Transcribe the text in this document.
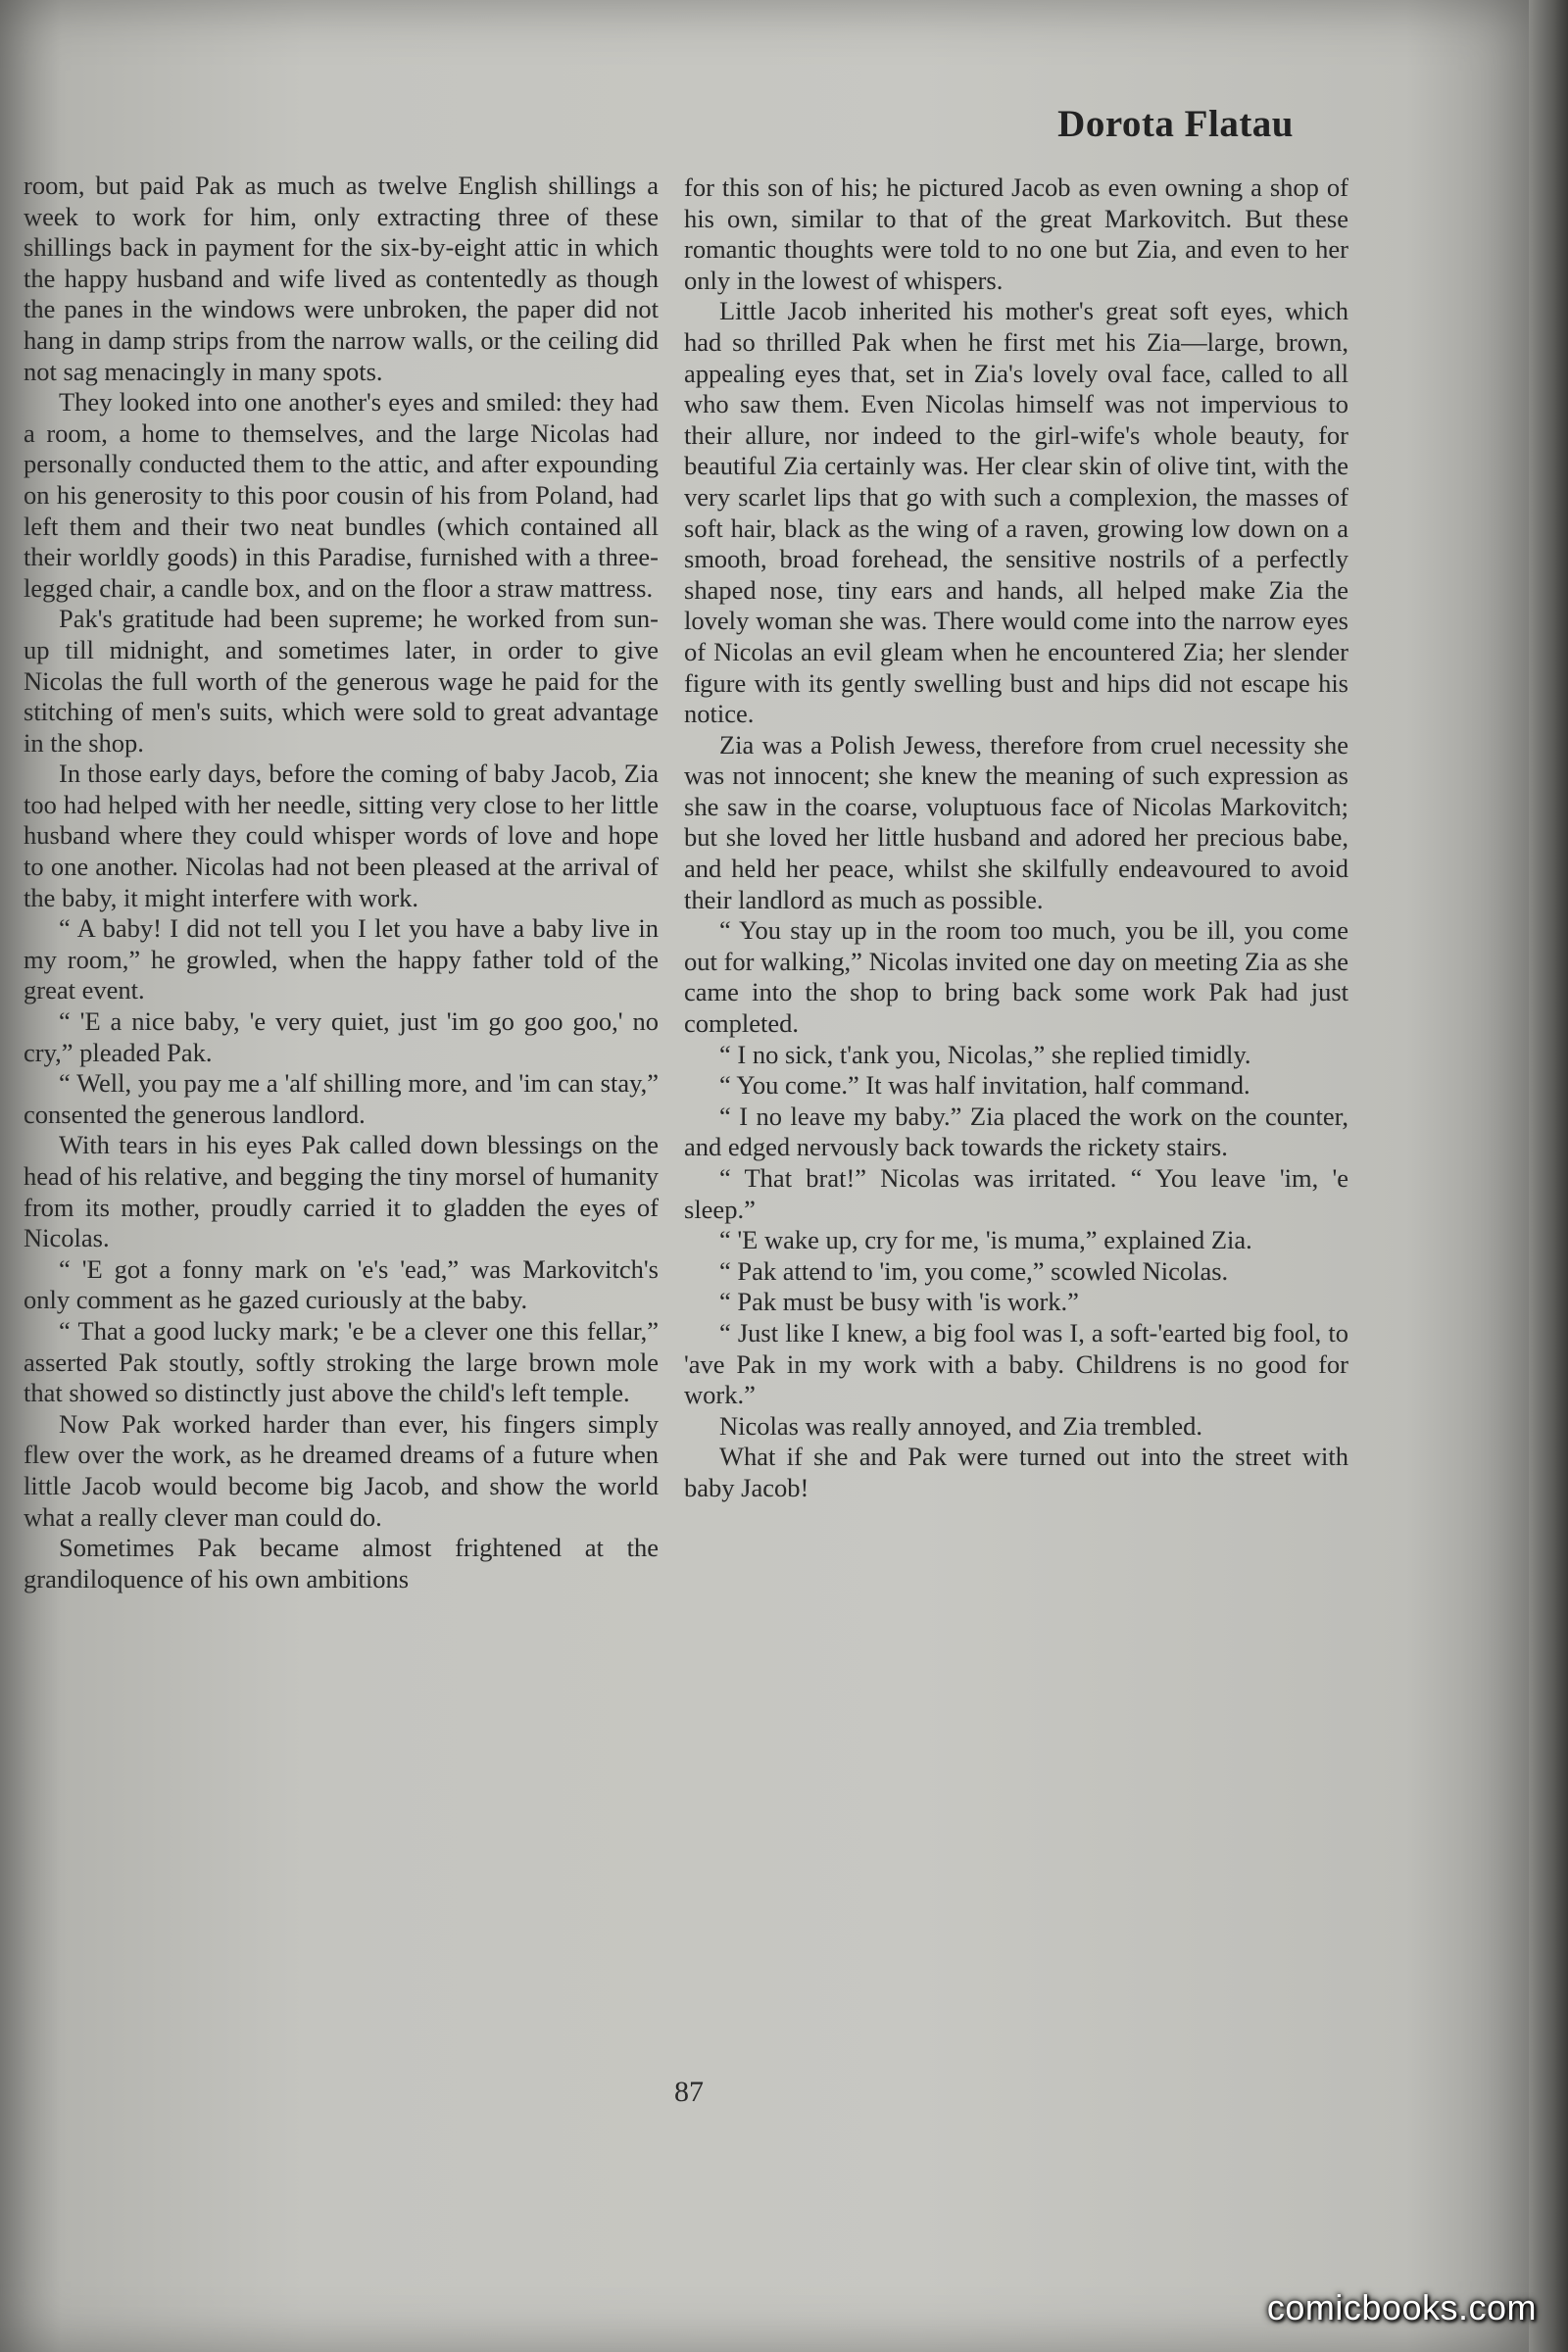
Dorota Flatau

room, but paid Pak as much as twelve English shillings a week to work for him, only extracting three of these shillings back in payment for the six-by-eight attic in which the happy husband and wife lived as contentedly as though the panes in the windows were unbroken, the paper did not hang in damp strips from the narrow walls, or the ceiling did not sag menacingly in many spots.

They looked into one another's eyes and smiled: they had a room, a home to themselves, and the large Nicolas had personally conducted them to the attic, and after expounding on his generosity to this poor cousin of his from Poland, had left them and their two neat bundles (which contained all their worldly goods) in this Paradise, furnished with a three-legged chair, a candle box, and on the floor a straw mattress.

Pak's gratitude had been supreme; he worked from sun-up till midnight, and sometimes later, in order to give Nicolas the full worth of the generous wage he paid for the stitching of men's suits, which were sold to great advantage in the shop.

In those early days, before the coming of baby Jacob, Zia too had helped with her needle, sitting very close to her little husband where they could whisper words of love and hope to one another. Nicolas had not been pleased at the arrival of the baby, it might interfere with work.

“ A baby! I did not tell you I let you have a baby live in my room,” he growled, when the happy father told of the great event.

“ 'E a nice baby, 'e very quiet, just 'im go goo goo,' no cry,” pleaded Pak.

“ Well, you pay me a 'alf shilling more, and 'im can stay,” consented the generous landlord.

With tears in his eyes Pak called down blessings on the head of his relative, and begging the tiny morsel of humanity from its mother, proudly carried it to gladden the eyes of Nicolas.

“ 'E got a fonny mark on 'e's 'ead,” was Markovitch's only comment as he gazed curiously at the baby.

“ That a good lucky mark; 'e be a clever one this fellar,” asserted Pak stoutly, softly stroking the large brown mole that showed so distinctly just above the child's left temple.

Now Pak worked harder than ever, his fingers simply flew over the work, as he dreamed dreams of a future when little Jacob would become big Jacob, and show the world what a really clever man could do.

Sometimes Pak became almost frightened at the grandiloquence of his own ambitions

for this son of his; he pictured Jacob as even owning a shop of his own, similar to that of the great Markovitch. But these romantic thoughts were told to no one but Zia, and even to her only in the lowest of whispers.

Little Jacob inherited his mother's great soft eyes, which had so thrilled Pak when he first met his Zia—large, brown, appealing eyes that, set in Zia's lovely oval face, called to all who saw them. Even Nicolas himself was not impervious to their allure, nor indeed to the girl-wife's whole beauty, for beautiful Zia certainly was. Her clear skin of olive tint, with the very scarlet lips that go with such a complexion, the masses of soft hair, black as the wing of a raven, growing low down on a smooth, broad forehead, the sensitive nostrils of a perfectly shaped nose, tiny ears and hands, all helped make Zia the lovely woman she was. There would come into the narrow eyes of Nicolas an evil gleam when he encountered Zia; her slender figure with its gently swelling bust and hips did not escape his notice.

Zia was a Polish Jewess, therefore from cruel necessity she was not innocent; she knew the meaning of such expression as she saw in the coarse, voluptuous face of Nicolas Markovitch; but she loved her little husband and adored her precious babe, and held her peace, whilst she skilfully endeavoured to avoid their landlord as much as possible.

“ You stay up in the room too much, you be ill, you come out for walking,” Nicolas invited one day on meeting Zia as she came into the shop to bring back some work Pak had just completed.

“ I no sick, t'ank you, Nicolas,” she replied timidly.

“ You come.” It was half invitation, half command.

“ I no leave my baby.” Zia placed the work on the counter, and edged nervously back towards the rickety stairs.

“ That brat!” Nicolas was irritated. “ You leave 'im, 'e sleep.”

“ 'E wake up, cry for me, 'is muma,” explained Zia.

“ Pak attend to 'im, you come,” scowled Nicolas.

“ Pak must be busy with 'is work.”

“ Just like I knew, a big fool was I, a soft-'earted big fool, to 'ave Pak in my work with a baby. Childrens is no good for work.”

Nicolas was really annoyed, and Zia trembled.

What if she and Pak were turned out into the street with baby Jacob!

87
comicbooks.com
